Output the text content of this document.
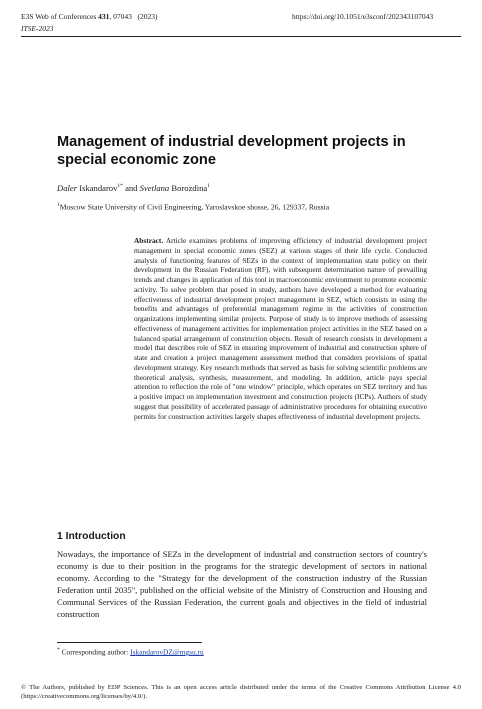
E3S Web of Conferences 431, 07043 (2023)	https://doi.org/10.1051/e3sconf/202343107043
ITSE-2023
Management of industrial development projects in special economic zone
Daler Iskandarov$^{1*}$ and Svetlana Borozdina$^1$
$^1$Moscow State University of Civil Engineering, Yaroslavskoe shosse, 26, 129337, Russia
Abstract. Article examines problems of improving efficiency of industrial development project management in special economic zones (SEZ) at various stages of their life cycle. Conducted analysis of functioning features of SEZs in the context of implementation state policy on their development in the Russian Federation (RF), with subsequent determination nature of prevailing trends and changes in application of this tool in macroeconomic environment to promote economic activity. To solve problem that posed in study, authors have developed a method for evaluating effectiveness of industrial development project management in SEZ, which consists in using the benefits and advantages of preferential management regime in the activities of construction organizations implementing similar projects. Purpose of study is to improve methods of assessing effectiveness of management activities for implementation project activities in the SEZ based on a balanced spatial arrangement of construction objects. Result of research consists in development a model that describes role of SEZ in ensuring improvement of industrial and construction sphere of state and creation a project management assessment method that considers provisions of spatial development strategy. Key research methods that served as basis for solving scientific problems are theoretical analysis, synthesis, measurement, and modeling. In addition, article pays special attention to reflection the role of "one window" principle, which operates on SEZ territory and has a positive impact on implementation investment and construction projects (ICPs). Authors of study suggest that possibility of accelerated passage of administrative procedures for obtaining executive permits for construction activities largely shapes effectiveness of industrial development projects.
1 Introduction
Nowadays, the importance of SEZs in the development of industrial and construction sectors of country's economy is due to their position in the programs for the strategic development of sectors in national economy. According to the "Strategy for the development of the construction industry of the Russian Federation until 2035", published on the official website of the Ministry of Construction and Housing and Communal Services of the Russian Federation, the current goals and objectives in the field of industrial construction
* Corresponding author: IskandarovDZ@mgsu.ru
© The Authors, published by EDP Sciences. This is an open access article distributed under the terms of the Creative Commons Attribution License 4.0 (https://creativecommons.org/licenses/by/4.0/).
